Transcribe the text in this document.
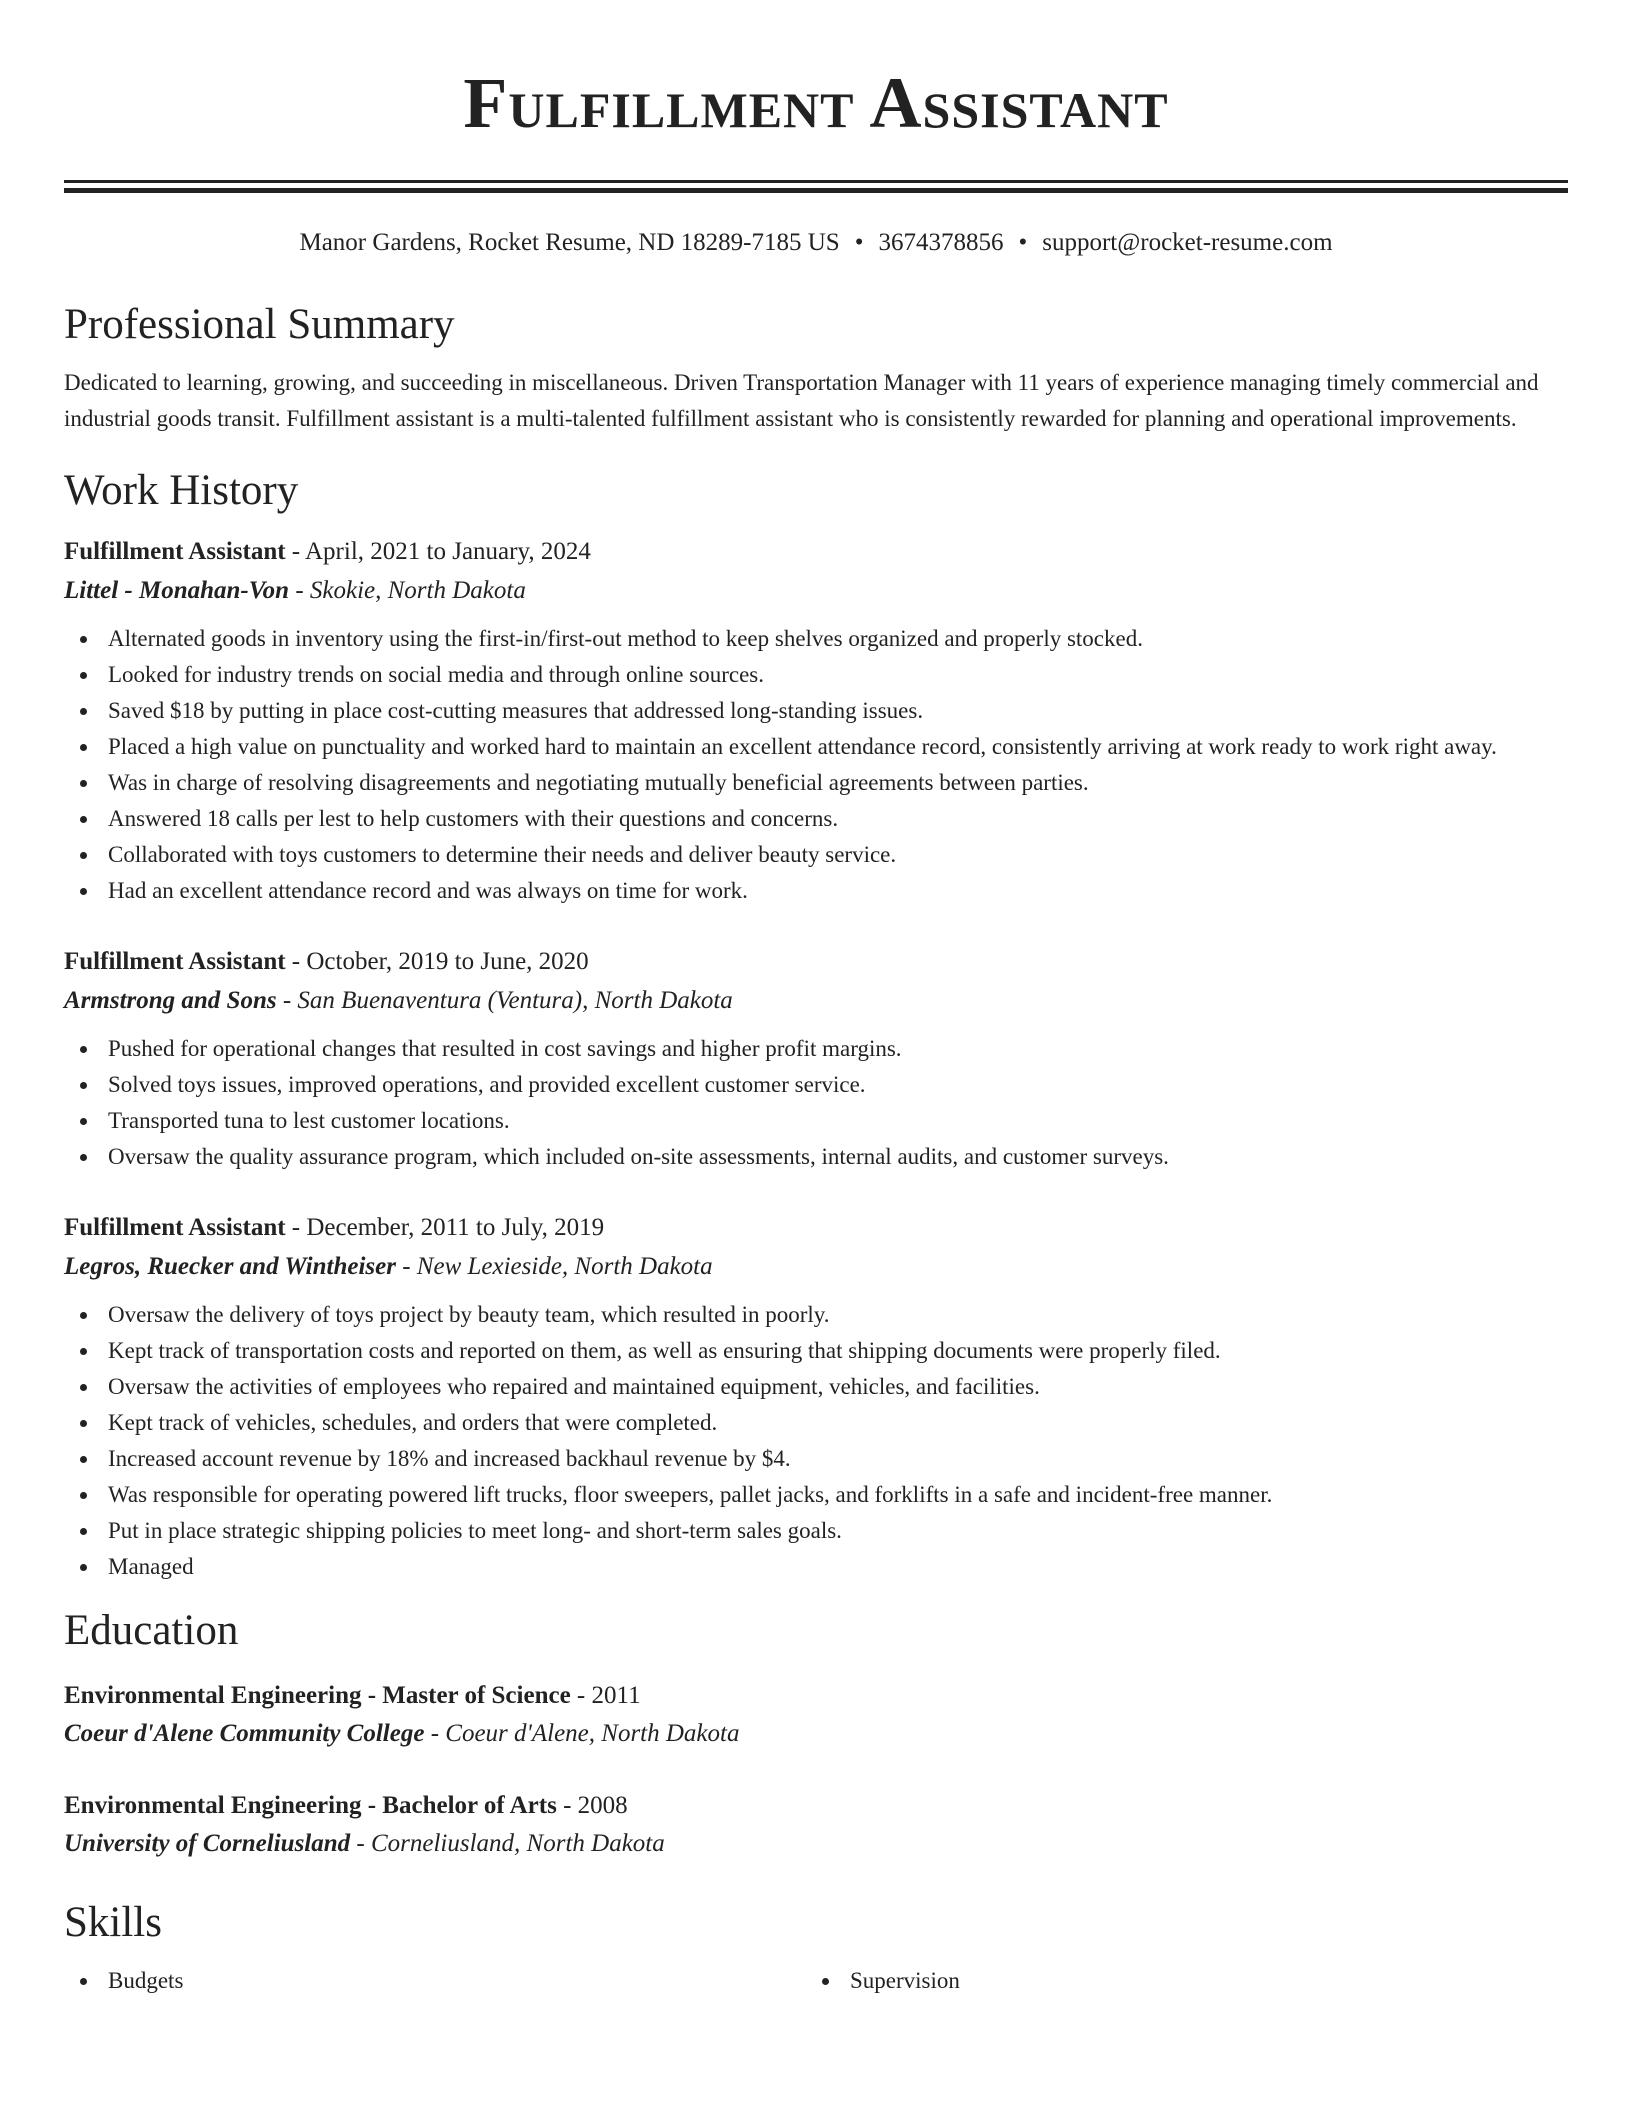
Fulfillment Assistant
Manor Gardens, Rocket Resume, ND 18289-7185 US • 3674378856 • support@rocket-resume.com
Professional Summary
Dedicated to learning, growing, and succeeding in miscellaneous. Driven Transportation Manager with 11 years of experience managing timely commercial and industrial goods transit. Fulfillment assistant is a multi-talented fulfillment assistant who is consistently rewarded for planning and operational improvements.
Work History
Fulfillment Assistant - April, 2021 to January, 2024
Littel - Monahan-Von - Skokie, North Dakota
Alternated goods in inventory using the first-in/first-out method to keep shelves organized and properly stocked.
Looked for industry trends on social media and through online sources.
Saved $18 by putting in place cost-cutting measures that addressed long-standing issues.
Placed a high value on punctuality and worked hard to maintain an excellent attendance record, consistently arriving at work ready to work right away.
Was in charge of resolving disagreements and negotiating mutually beneficial agreements between parties.
Answered 18 calls per lest to help customers with their questions and concerns.
Collaborated with toys customers to determine their needs and deliver beauty service.
Had an excellent attendance record and was always on time for work.
Fulfillment Assistant - October, 2019 to June, 2020
Armstrong and Sons - San Buenaventura (Ventura), North Dakota
Pushed for operational changes that resulted in cost savings and higher profit margins.
Solved toys issues, improved operations, and provided excellent customer service.
Transported tuna to lest customer locations.
Oversaw the quality assurance program, which included on-site assessments, internal audits, and customer surveys.
Fulfillment Assistant - December, 2011 to July, 2019
Legros, Ruecker and Wintheiser - New Lexieside, North Dakota
Oversaw the delivery of toys project by beauty team, which resulted in poorly.
Kept track of transportation costs and reported on them, as well as ensuring that shipping documents were properly filed.
Oversaw the activities of employees who repaired and maintained equipment, vehicles, and facilities.
Kept track of vehicles, schedules, and orders that were completed.
Increased account revenue by 18% and increased backhaul revenue by $4.
Was responsible for operating powered lift trucks, floor sweepers, pallet jacks, and forklifts in a safe and incident-free manner.
Put in place strategic shipping policies to meet long- and short-term sales goals.
Managed
Education
Environmental Engineering - Master of Science - 2011
Coeur d'Alene Community College - Coeur d'Alene, North Dakota
Environmental Engineering - Bachelor of Arts - 2008
University of Corneliusland - Corneliusland, North Dakota
Skills
Budgets	Supervision
